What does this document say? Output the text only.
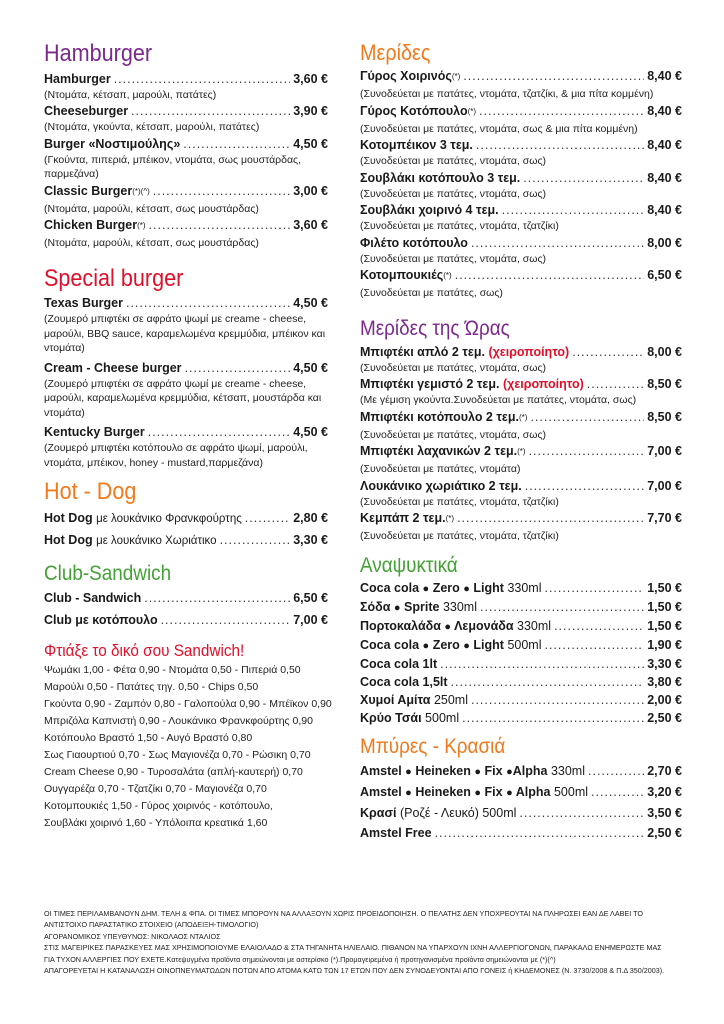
Hamburger
Hamburger .....	3,60 €
(Ντομάτα, κέτσαπ, μαρούλι, πατάτες)
Cheeseburger .....	3,90 €
(Ντομάτα, γκούντα, κέτσαπ, μαρούλι, πατάτες)
Burger «Νοστιμούλης» .....	4,50 €
(Γκούντα, πιπεριά, μπέικον, ντομάτα, σως μουστάρδας, παρμεζάνα)
Classic Burger (*)(^) .....	3,00 €
(Ντομάτα, μαρούλι, κέτσαπ, σως μουστάρδας)
Chicken Burger (*) .....	3,60 €
(Ντομάτα, μαρούλι, κέτσαπ, σως μουστάρδας)
Special burger
Texas Burger .....	4,50 €
(Ζουμερό μπιφτέκι σε αφράτο ψωμί με creame - cheese, μαρούλι, BBQ sauce, καραμελωμένα κρεμμύδια, μπέικον και ντομάτα)
Cream - Cheese burger .....	4,50 €
(Ζουμερό μπιφτέκι σε αφράτο ψωμί με creame - cheese, μαρούλι, καραμελωμένα κρεμμύδια, κέτσαπ, μουστάρδα και ντομάτα)
Kentucky Burger .....	4,50 €
(Ζουμερό μπιφτέκι κοτόπουλο σε αφράτο ψωμί, μαρούλι, ντομάτα, μπέικον, honey - mustard,παρμεζάνα)
Hot - Dog
Hot Dog με λουκάνικο Φρανκφούρτης .....	2,80 €
Hot Dog με λουκάνικο Χωριάτικο .....	3,30 €
Club-Sandwich
Club - Sandwich .....	6,50 €
Club με κοτόπουλο .....	7,00 €
Φτιάξε το δικό σου Sandwich!
Ψωμάκι 1,00 - Φέτα 0,90 - Ντομάτα 0,50 - Πιπεριά 0,50
Μαρούλι 0,50 - Πατάτες τηγ. 0,50 - Chips 0,50
Γκούντα 0,90 - Ζαμπόν 0,80 - Γαλοπούλα 0,90 - Μπέϊκον 0,90
Μπριζόλα Καπνιστή 0,90 - Λουκάνικο Φρανκφούρτης 0,90
Κοτόπουλο Βραστό 1,50 - Αυγό Βραστό 0,80
Σως Γιαουρτιού 0,70 - Σως Μαγιονέζα 0,70 - Ρώσικη 0,70
Cream Cheese 0,90 - Τυροσαλάτα (απλή-καυτερή) 0,70
Ουγγαρέζα 0,70 - Τζατζίκι 0,70 - Μαγιονέζα 0,70
Κοτομπουκιές 1,50 - Γύρος χοιρινός - κοτόπουλο,
Σουβλάκι χοιρινό 1,60 - Υπόλοιπα κρεατικά 1,60
Μερίδες
Γύρος Χοιρινός (*) .....	8,40 €
(Συνοδεύεται με πατάτες, ντομάτα, τζατζίκι, & μια πίτα κομμένη)
Γύρος Κοτόπουλο (*) .....	8,40 €
(Συνοδεύεται με πατάτες, ντομάτα, σως & μια πίτα κομμένη)
Κοτομπέικον 3 τεμ. .....	8,40 €
(Συνοδεύεται με πατάτες, ντομάτα, σως)
Σουβλάκι κοτόπουλο 3 τεμ. .....	8,40 €
(Συνοδεύεται με πατάτες, ντομάτα, σως)
Σουβλάκι χοιρινό 4 τεμ. .....	8,40 €
(Συνοδεύεται με πατάτες, ντομάτα, τζατζίκι)
Φιλέτο κοτόπουλο .....	8,00 €
(Συνοδεύεται με πατάτες, ντομάτα, σως)
Κοτομπουκιές (*) .....	6,50 €
(Συνοδεύεται με πατάτες, σως)
Μερίδες της Ώρας
Μπιφτέκι απλό 2 τεμ. (χειροποίητο) .....	8,00 €
(Συνοδεύεται με πατάτες, ντομάτα, σως)
Μπιφτέκι γεμιστό 2 τεμ. (χειροποίητο) .....	8,50 €
(Με γέμιση γκούντα.Συνοδεύεται με πατάτες, ντομάτα, σως)
Μπιφτέκι κοτόπουλο 2 τεμ. (*) .....	8,50 €
(Συνοδεύεται με πατάτες, ντομάτα, σως)
Μπιφτέκι λαχανικών 2 τεμ. (*) .....	7,00 €
(Συνοδεύεται με πατάτες, ντομάτα)
Λουκάνικο χωριάτικο 2 τεμ. .....	7,00 €
(Συνοδεύεται με πατάτες, ντομάτα, τζατζίκι)
Κεμπάπ 2 τεμ. (*) .....	7,70 €
(Συνοδεύεται με πατάτες, ντομάτα, τζατζίκι)
Αναψυκτικά
Coca cola ● Zero ● Light 330ml .....	1,50 €
Σόδα ● Sprite 330ml .....	1,50 €
Πορτοκαλάδα ● Λεμονάδα 330ml .....	1,50 €
Coca cola ● Zero ● Light 500ml .....	1,90 €
Coca cola 1lt .....	3,30 €
Coca cola 1,5lt .....	3,80 €
Χυμοί Αμίτα 250ml .....	2,00 €
Κρύο Τσάι 500ml .....	2,50 €
Μπύρες - Κρασιά
Amstel ● Heineken ● Fix ●Alpha 330ml .....	2,70 €
Amstel ● Heineken ● Fix ● Alpha 500ml .....	3,20 €
Κρασί (Ροζέ - Λευκό) 500ml .....	3,50 €
Amstel Free .....	2,50 €
ΟΙ ΤΙΜΕΣ ΠΕΡΙΛΑΜΒΑΝΟΥΝ ΔΗΜ. ΤΕΛΗ & ΦΠΑ. ΟΙ ΤΙΜΕΣ ΜΠΟΡΟΥΝ ΝΑ ΑΛΛΑΞΟΥΝ ΧΩΡΙΣ ΠΡΟΕΙΔΟΠΟΙΗΣΗ. Ο ΠΕΛΑΤΗΣ ΔΕΝ ΥΠΟΧΡΕΟΥΤΑΙ ΝΑ ΠΛΗΡΩΣΕΙ ΕΑΝ ΔΕ ΛΑΒΕΙ ΤΟ
ΑΝΤΙΣΤΟΙΧΟ ΠΑΡΑΣΤΑΤΙΚΟ ΣΤΟΙΧΕΙΟ (ΑΠΟΔΕΙΞΗ-ΤΙΜΟΛΟΓΙΟ)
ΑΓΟΡΑΝΟΜΙΚΟΣ ΥΠΕΥΘΥΝΟΣ: ΝΙΚΟΛΑΟΣ ΝΤΑΛΙΟΣ
ΣΤΙΣ ΜΑΓΕΙΡΙΚΕΣ ΠΑΡΑΣΚΕΥΕΣ ΜΑΣ ΧΡΗΣΙΜΟΠΟΙΟΥΜΕ ΕΛΑΙΟΛΑΔΟ & ΣΤΑ ΤΗΓΑΝΗΤΑ ΗΛΙΕΛΑΙΟ. ΠΙΘΑΝΟΝ ΝΑ ΥΠΑΡΧΟΥΝ ΙΧΝΗ ΑΛΛΕΡΓΙΟΓΟΝΩΝ, ΠΑΡΑΚΑΛΩ ΕΝΗΜΕΡΩΣΤΕ ΜΑΣ
ΓΙΑ ΤΥΧΟΝ ΑΛΛΕΡΓΙΕΣ ΠΟΥ ΕΧΕΤΕ.Κατεψυγμένα προϊόντα σημειώνονται με αστερίσκο (*).Προμαγειρεμένα ή προτηγανισμένα προϊόντα σημειώνονται με (*)(^)
ΑΠΑΓΟΡΕΥΕΤΑΙ Η ΚΑΤΑΝΑΛΩΣΗ ΟΙΝΟΠΝΕΥΜΑΤΩΔΩΝ ΠΟΤΩΝ ΑΠΟ ΑΤΟΜΑ ΚΑΤΩ ΤΩΝ 17 ΕΤΩΝ ΠΟΥ ΔΕΝ ΣΥΝΟΔΕΥΟΝΤΑΙ ΑΠΟ ΓΟΝΕΙΣ ή ΚΗΔΕΜΟΝΕΣ (Ν. 3730/2008 & Π.Δ 350/2003).
